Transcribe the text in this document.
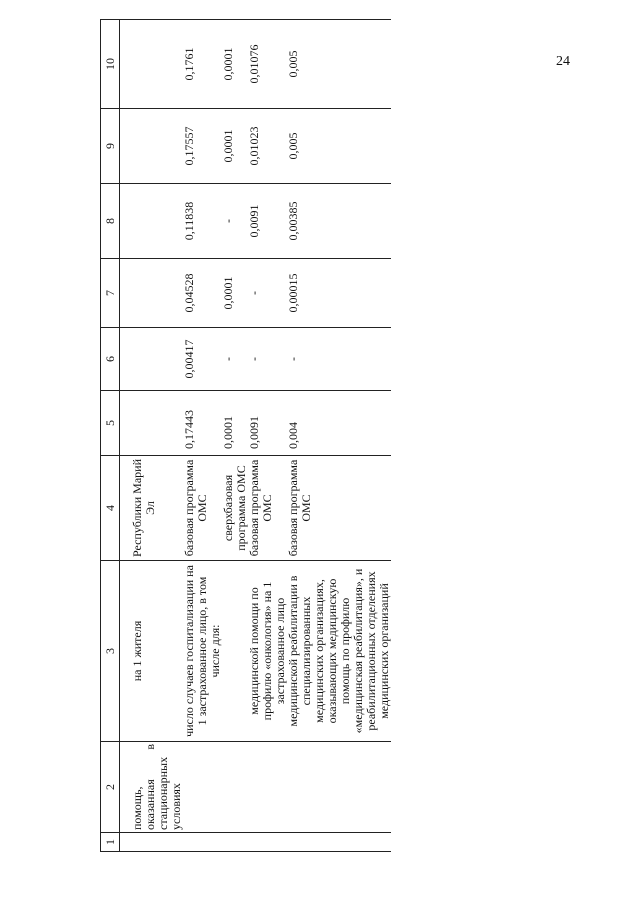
24
1	2	3	4	5	6	7	8	9	10

	помощь, оказанная в стационарных условиях	на 1 жителя	Республики Марий Эл						
		число случаев госпитализации на 1 застрахованное лицо, в том числе для:	базовая программа ОМС	0,17443	0,00417	0,04528	0,11838	0,17557	0,1761
			сверхбазовая программа ОМС	0,0001	-	0,0001	-	0,0001	0,0001
		медицинской помощи по профилю «онкология» на 1 застрахованное лицо	базовая программа ОМС	0,0091	-	-	0,0091	0,01023	0,01076
		медицинской реабилитации в специализированных медицинских организациях, оказывающих медицинскую помощь по профилю «медицинская реабилитация», и реабилитационных отделениях медицинских организаций	базовая программа ОМС	0,004	-	0,00015	0,00385	0,005	0,005
